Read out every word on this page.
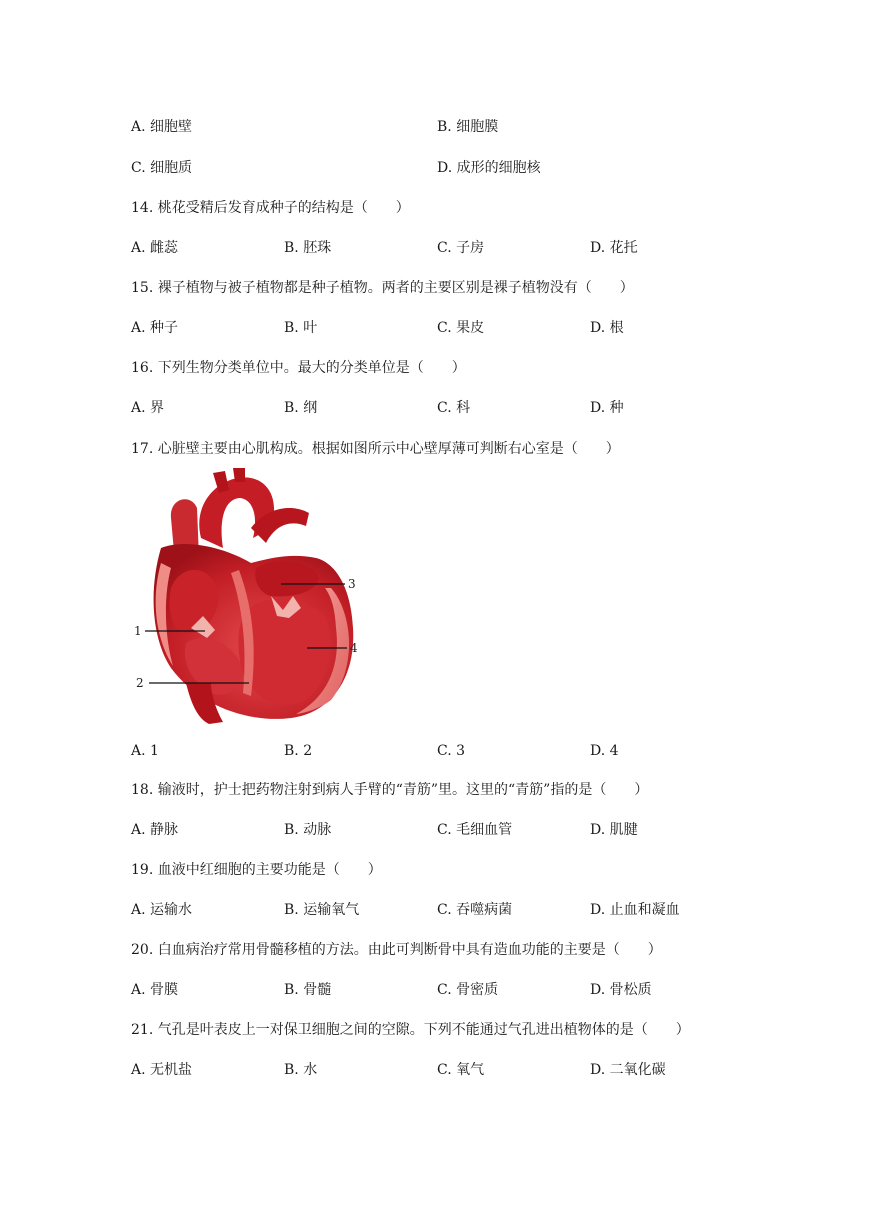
A. 细胞壁	B. 细胞膜
C. 细胞质	D. 成形的细胞核
14. 桃花受精后发育成种子的结构是（　　）
A. 雌蕊	B. 胚珠	C. 子房	D. 花托
15. 裸子植物与被子植物都是种子植物。两者的主要区别是裸子植物没有（　　）
A. 种子	B. 叶	C. 果皮	D. 根
16. 下列生物分类单位中。最大的分类单位是（　　）
A. 界	B. 纲	C. 科	D. 种
17. 心脏壁主要由心肌构成。根据如图所示中心壁厚薄可判断右心室是（　　）
1
2
3
4
A. 1	B. 2	C. 3	D. 4
18. 输液时，护士把药物注射到病人手臂的“青筋”里。这里的“青筋”指的是（　　）
A. 静脉	B. 动脉	C. 毛细血管	D. 肌腱
19. 血液中红细胞的主要功能是（　　）
A. 运输水	B. 运输氧气	C. 吞噬病菌	D. 止血和凝血
20. 白血病治疗常用骨髓移植的方法。由此可判断骨中具有造血功能的主要是（　　）
A. 骨膜	B. 骨髓	C. 骨密质	D. 骨松质
21. 气孔是叶表皮上一对保卫细胞之间的空隙。下列不能通过气孔进出植物体的是（　　）
A. 无机盐	B. 水	C. 氧气	D. 二氧化碳
